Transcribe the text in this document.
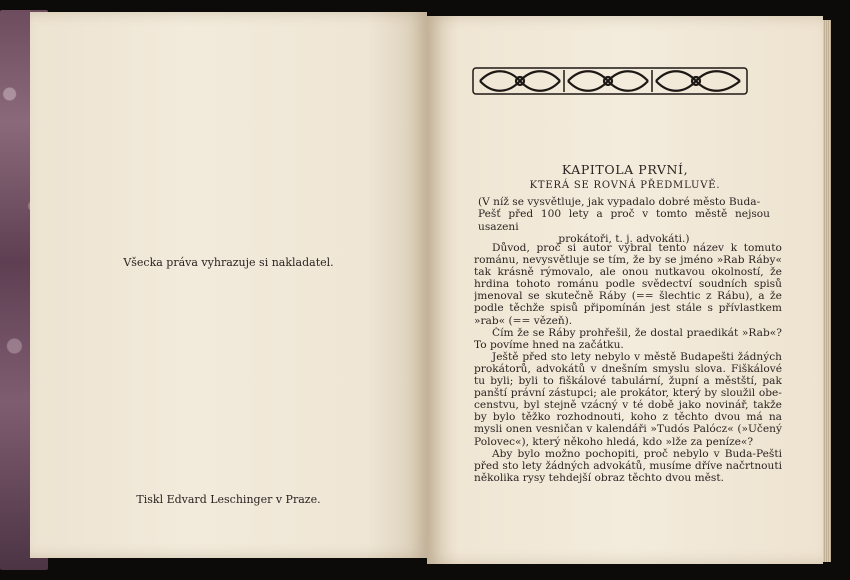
Všecka práva vyhrazuje si nakladatel.
Tiskl Edvard Leschinger v Praze.
KAPITOLA PRVNÍ,
KTERÁ SE ROVNÁ PŘEDMLUVĚ.
(V níž se vysvětluje, jak vypadalo dobré město Buda-
Pešť před 100 lety a proč v tomto městě nejsou usazeni
prokátoři, t. j. advokáti.)
Důvod, proč si autor vybral tento název k tomuto
románu, nevysvětluje se tím, že by se jméno »Rab Ráby«
tak krásně rýmovalo, ale onou nutkavou okolností, že
hrdina tohoto románu podle svědectví soudních spisů
jmenoval se skutečně Ráby (== šlechtic z Rábu), a že
podle těchže spisů připomínán jest stále s přívlastkem
»rab« (== vězeň).
Čím že se Ráby prohřešil, že dostal praedikát »Rab«?
To povíme hned na začátku.
Ještě před sto lety nebylo v městě Budapešti žádných
prokátorů, advokátů v dnešním smyslu slova. Fiškálové
tu byli; byli to fiškálové tabulární, župní a městští, pak
panští právní zástupci; ale prokátor, který by sloužil obe-
censtvu, byl stejně vzácný v té době jako novinář, takže
by bylo těžko rozhodnouti, koho z těchto dvou má na
mysli onen vesničan v kalendáři »Tudós Palócz« (»Učený
Polovec«), který někoho hledá, kdo »lže za peníze«?
Aby bylo možno pochopiti, proč nebylo v Buda-Pešti
před sto lety žádných advokátů, musíme dříve načrtnouti
několika rysy tehdejší obraz těchto dvou měst.
